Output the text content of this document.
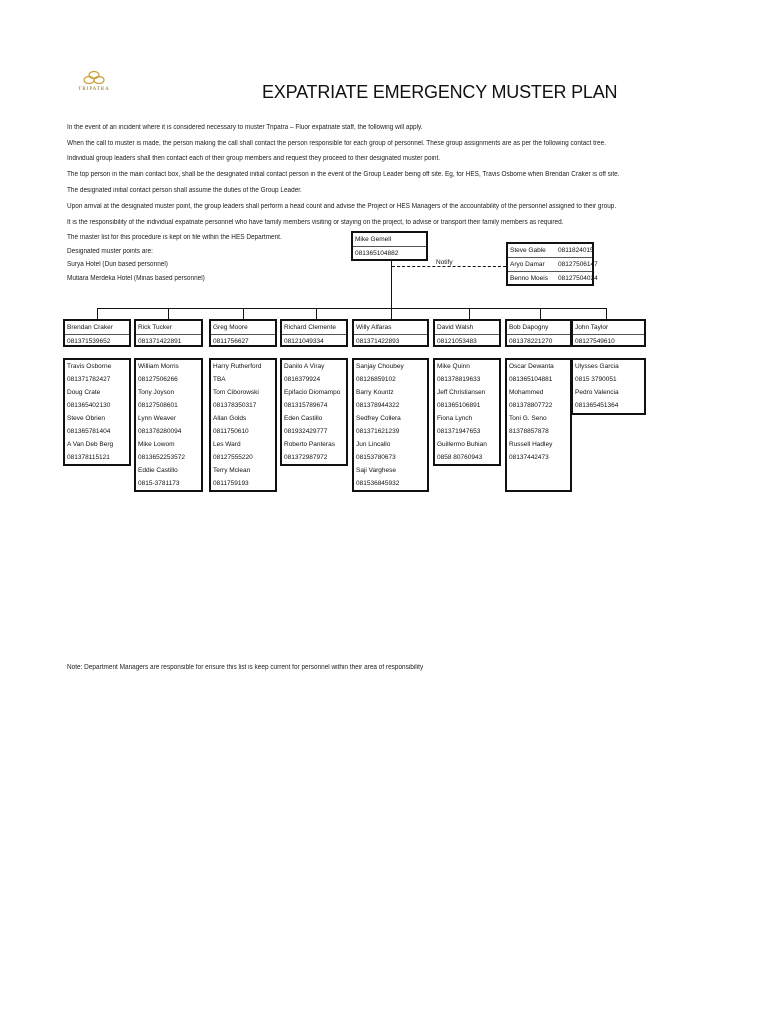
TRIPATRA	EXPATRIATE EMERGENCY MUSTER PLAN

In the event of an incident where it is considered necessary to muster Tripatra – Fluor expatriate staff, the following will apply.

When the call to muster is made, the person making the call shall contact the person responsible for each group of personnel. These group assignments are as per the following contact tree.

Individual group leaders shall then contact each of their group members and request they proceed to their designated muster point.

The top person in the main contact box, shall be the designated initial contact person in the event of the Group Leader being off site. Eg, for HES, Travis Osborne when Brendan Craker is off site.

The designated initial contact person shall assume the duties of the Group Leader.

Upon arrival at the designated muster point, the group leaders shall perform a head count and advise the Project or HES Managers of the accountability of the personnel assigned to their group.

It is the responsibility of the individual expatriate personnel who have family members visiting or staying on the project, to advise or transport their family members as required.

The master list for this procedure is kept on file within the HES Department.
Designated muster points are:
Surya Hotel (Duri based personnel)
Mutiara Merdeka Hotel (Minas based personnel)
Mike Gemell
081365104882
Notify
Steve Gable 0811824015
Aryo Damar 08127506147
Benno Moeis 08127504024
Brendan Craker
081371539652
Travis Osborne
081371782427
Doug Crate
081365402130
Steve Obrien
081365781404
A Van Deb Berg
081378115121
Rick Tucker
081371422891
William Morris
08127506266
Tony Joyson
08127508601
Lynn Weaver
081378280094
Mike Lowom
0813652253572
Eddie Castillo
0815-3781173
Greg Moore
0811756627
Harry Rutherford
TBA
Tom Ciborowski
081378350317
Allan Golds
0811750610
Les Ward
08127555220
Terry Mclean
0811759193
Richard Clemente
08121049334
Danilo A Viray
0816379924
Epifacio Diomampo
081315789674
Eden Castillo
081932429777
Roberto Panteras
081372987972
Willy Alfaras
081371422893
Sanjay Choubey
08126859102
Barry Kountz
081378944322
Sedfrey Collera
081371621239
Jun Lincallo
08153780673
Saji Varghese
081536845932
David Walsh
08121053483
Mike Quinn
081378819633
Jeff Christiansen
081365106891
Fiona Lynch
081371947653
Guillermo Buhian
0858 80760943
Bob Dapogny
081378221270
Oscar Dewanta
081365104881
Mohammed
081378807722
Toni G. Seno
81378857878
Russell Hadley
08137442473
John Taylor
08127549610
Ulysses Garcia
0815 3790051
Pedro Valencia
081365451364
Note: Department Managers are responsible for ensure this list is keep current for personnel within their area of responsibility
